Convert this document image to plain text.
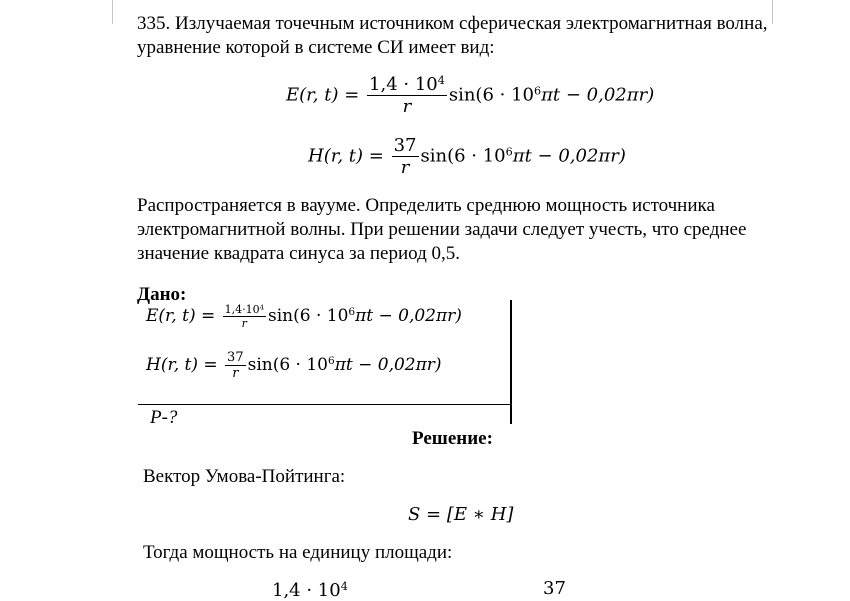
335. Излучаемая точечным источником сферическая электромагнитная волна,
уравнение которой в системе СИ имеет вид:
E(r, $t) = \frac{1,4 \cdot 10^4}{r} \sin(6 \cdot 10^6\pi t - 0,02\pi r)$
H(r, $t) = \frac{37}{r} \sin(6 \cdot 10^6\pi t - 0,02\pi r)$
Распространяется в ваууме. Определить среднюю мощность источника
электромагнитной волны. При решении задачи следует учесть, что среднее
значение квадрата синуса за период 0,5.
Дано:
E(r, $t) = \frac{1,4\cdot 10^4}{r} \sin(6 \cdot 10^6\pi t - 0,02\pi r)$
H(r, $t) = \frac{37}{r} \sin(6 \cdot 10^6\pi t - 0,02\pi r)$
P-?
Решение:
Вектор Умова-Пойтинга:
S = [E ∗ H]
Тогда мощность на единицу площади:
$1,4 \cdot 10^4$	37
